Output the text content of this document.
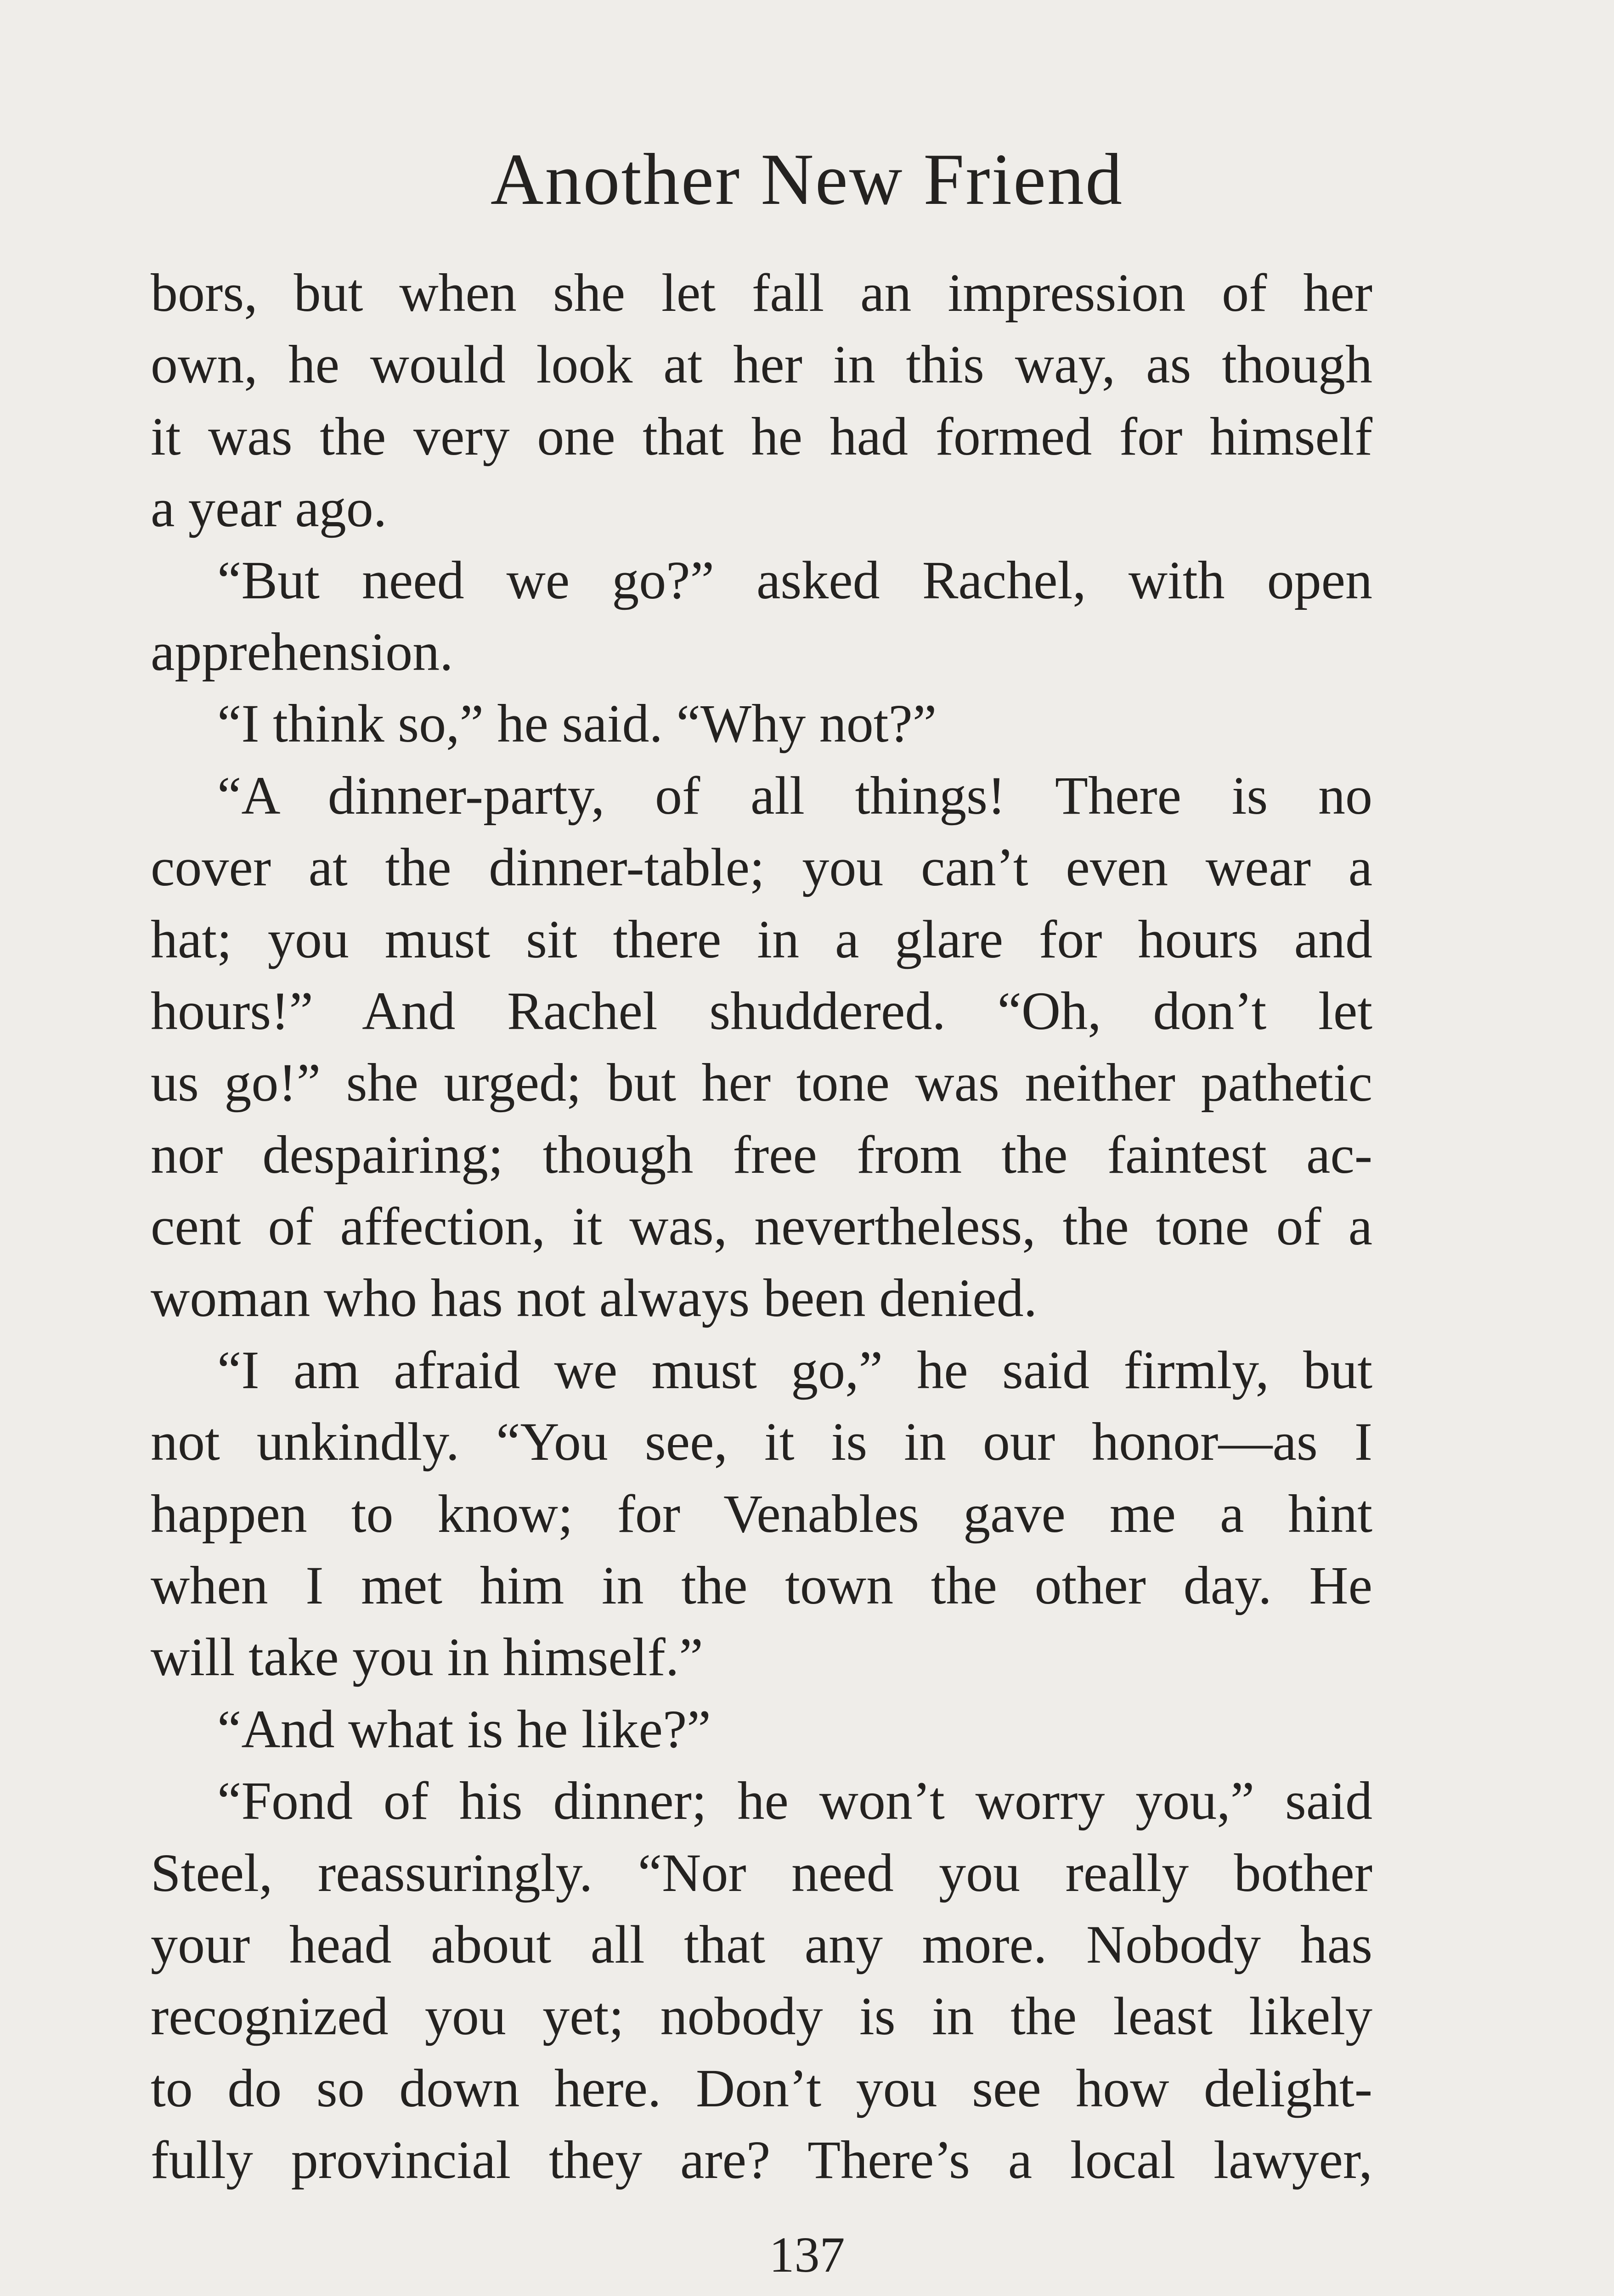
Another New Friend
bors, but when she let fall an impression of her
own, he would look at her in this way, as though
it was the very one that he had formed for himself
a year ago.
“But need we go?” asked Rachel, with open
apprehension.
“I think so,” he said. “Why not?”
“A dinner-party, of all things! There is no
cover at the dinner-table; you can’t even wear a
hat; you must sit there in a glare for hours and
hours!” And Rachel shuddered. “Oh, don’t let
us go!” she urged; but her tone was neither pathetic
nor despairing; though free from the faintest ac-
cent of affection, it was, nevertheless, the tone of a
woman who has not always been denied.
“I am afraid we must go,” he said firmly, but
not unkindly. “You see, it is in our honor—as I
happen to know; for Venables gave me a hint
when I met him in the town the other day. He
will take you in himself.”
“And what is he like?”
“Fond of his dinner; he won’t worry you,” said
Steel, reassuringly. “Nor need you really bother
your head about all that any more. Nobody has
recognized you yet; nobody is in the least likely
to do so down here. Don’t you see how delight-
fully provincial they are? There’s a local lawyer,
137
